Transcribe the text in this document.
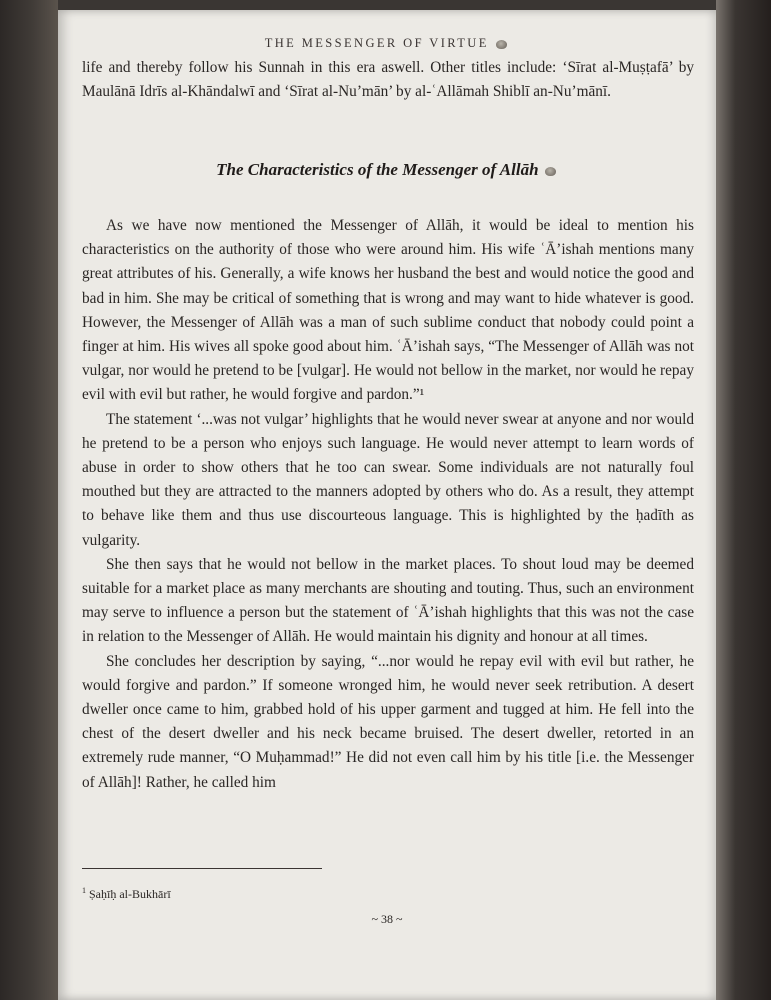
THE MESSENGER OF VIRTUE

life and thereby follow his Sunnah in this era aswell. Other titles include: ‘Sīrat al-Muṣṭafā’ by Maulānā Idrīs al-Khāndalwī and ‘Sīrat al-Nu’mān’ by al-ʿAllāmah Shiblī an-Nu’mānī.

The Characteristics of the Messenger of Allāh

As we have now mentioned the Messenger of Allāh, it would be ideal to mention his characteristics on the authority of those who were around him. His wife ʿĀ’ishah mentions many great attributes of his. Generally, a wife knows her husband the best and would notice the good and bad in him. She may be critical of something that is wrong and may want to hide whatever is good. However, the Messenger of Allāh was a man of such sublime conduct that nobody could point a finger at him. His wives all spoke good about him. ʿĀ’ishah says, “The Messenger of Allāh was not vulgar, nor would he pretend to be [vulgar]. He would not bellow in the market, nor would he repay evil with evil but rather, he would forgive and pardon.”¹

The statement ‘...was not vulgar’ highlights that he would never swear at anyone and nor would he pretend to be a person who enjoys such language. He would never attempt to learn words of abuse in order to show others that he too can swear. Some individuals are not naturally foul mouthed but they are attracted to the manners adopted by others who do. As a result, they attempt to behave like them and thus use discourteous language. This is highlighted by the ḥadīth as vulgarity.

She then says that he would not bellow in the market places. To shout loud may be deemed suitable for a market place as many merchants are shouting and touting. Thus, such an environment may serve to influence a person but the statement of ʿĀ’ishah highlights that this was not the case in relation to the Messenger of Allāh. He would maintain his dignity and honour at all times.

She concludes her description by saying, “...nor would he repay evil with evil but rather, he would forgive and pardon.” If someone wronged him, he would never seek retribution. A desert dweller once came to him, grabbed hold of his upper garment and tugged at him. He fell into the chest of the desert dweller and his neck became bruised. The desert dweller, retorted in an extremely rude manner, “O Muḥammad!” He did not even call him by his title [i.e. the Messenger of Allāh]! Rather, he called him

$^1$ Ṣaḥīḥ al-Bukhārī
~ 38 ~
